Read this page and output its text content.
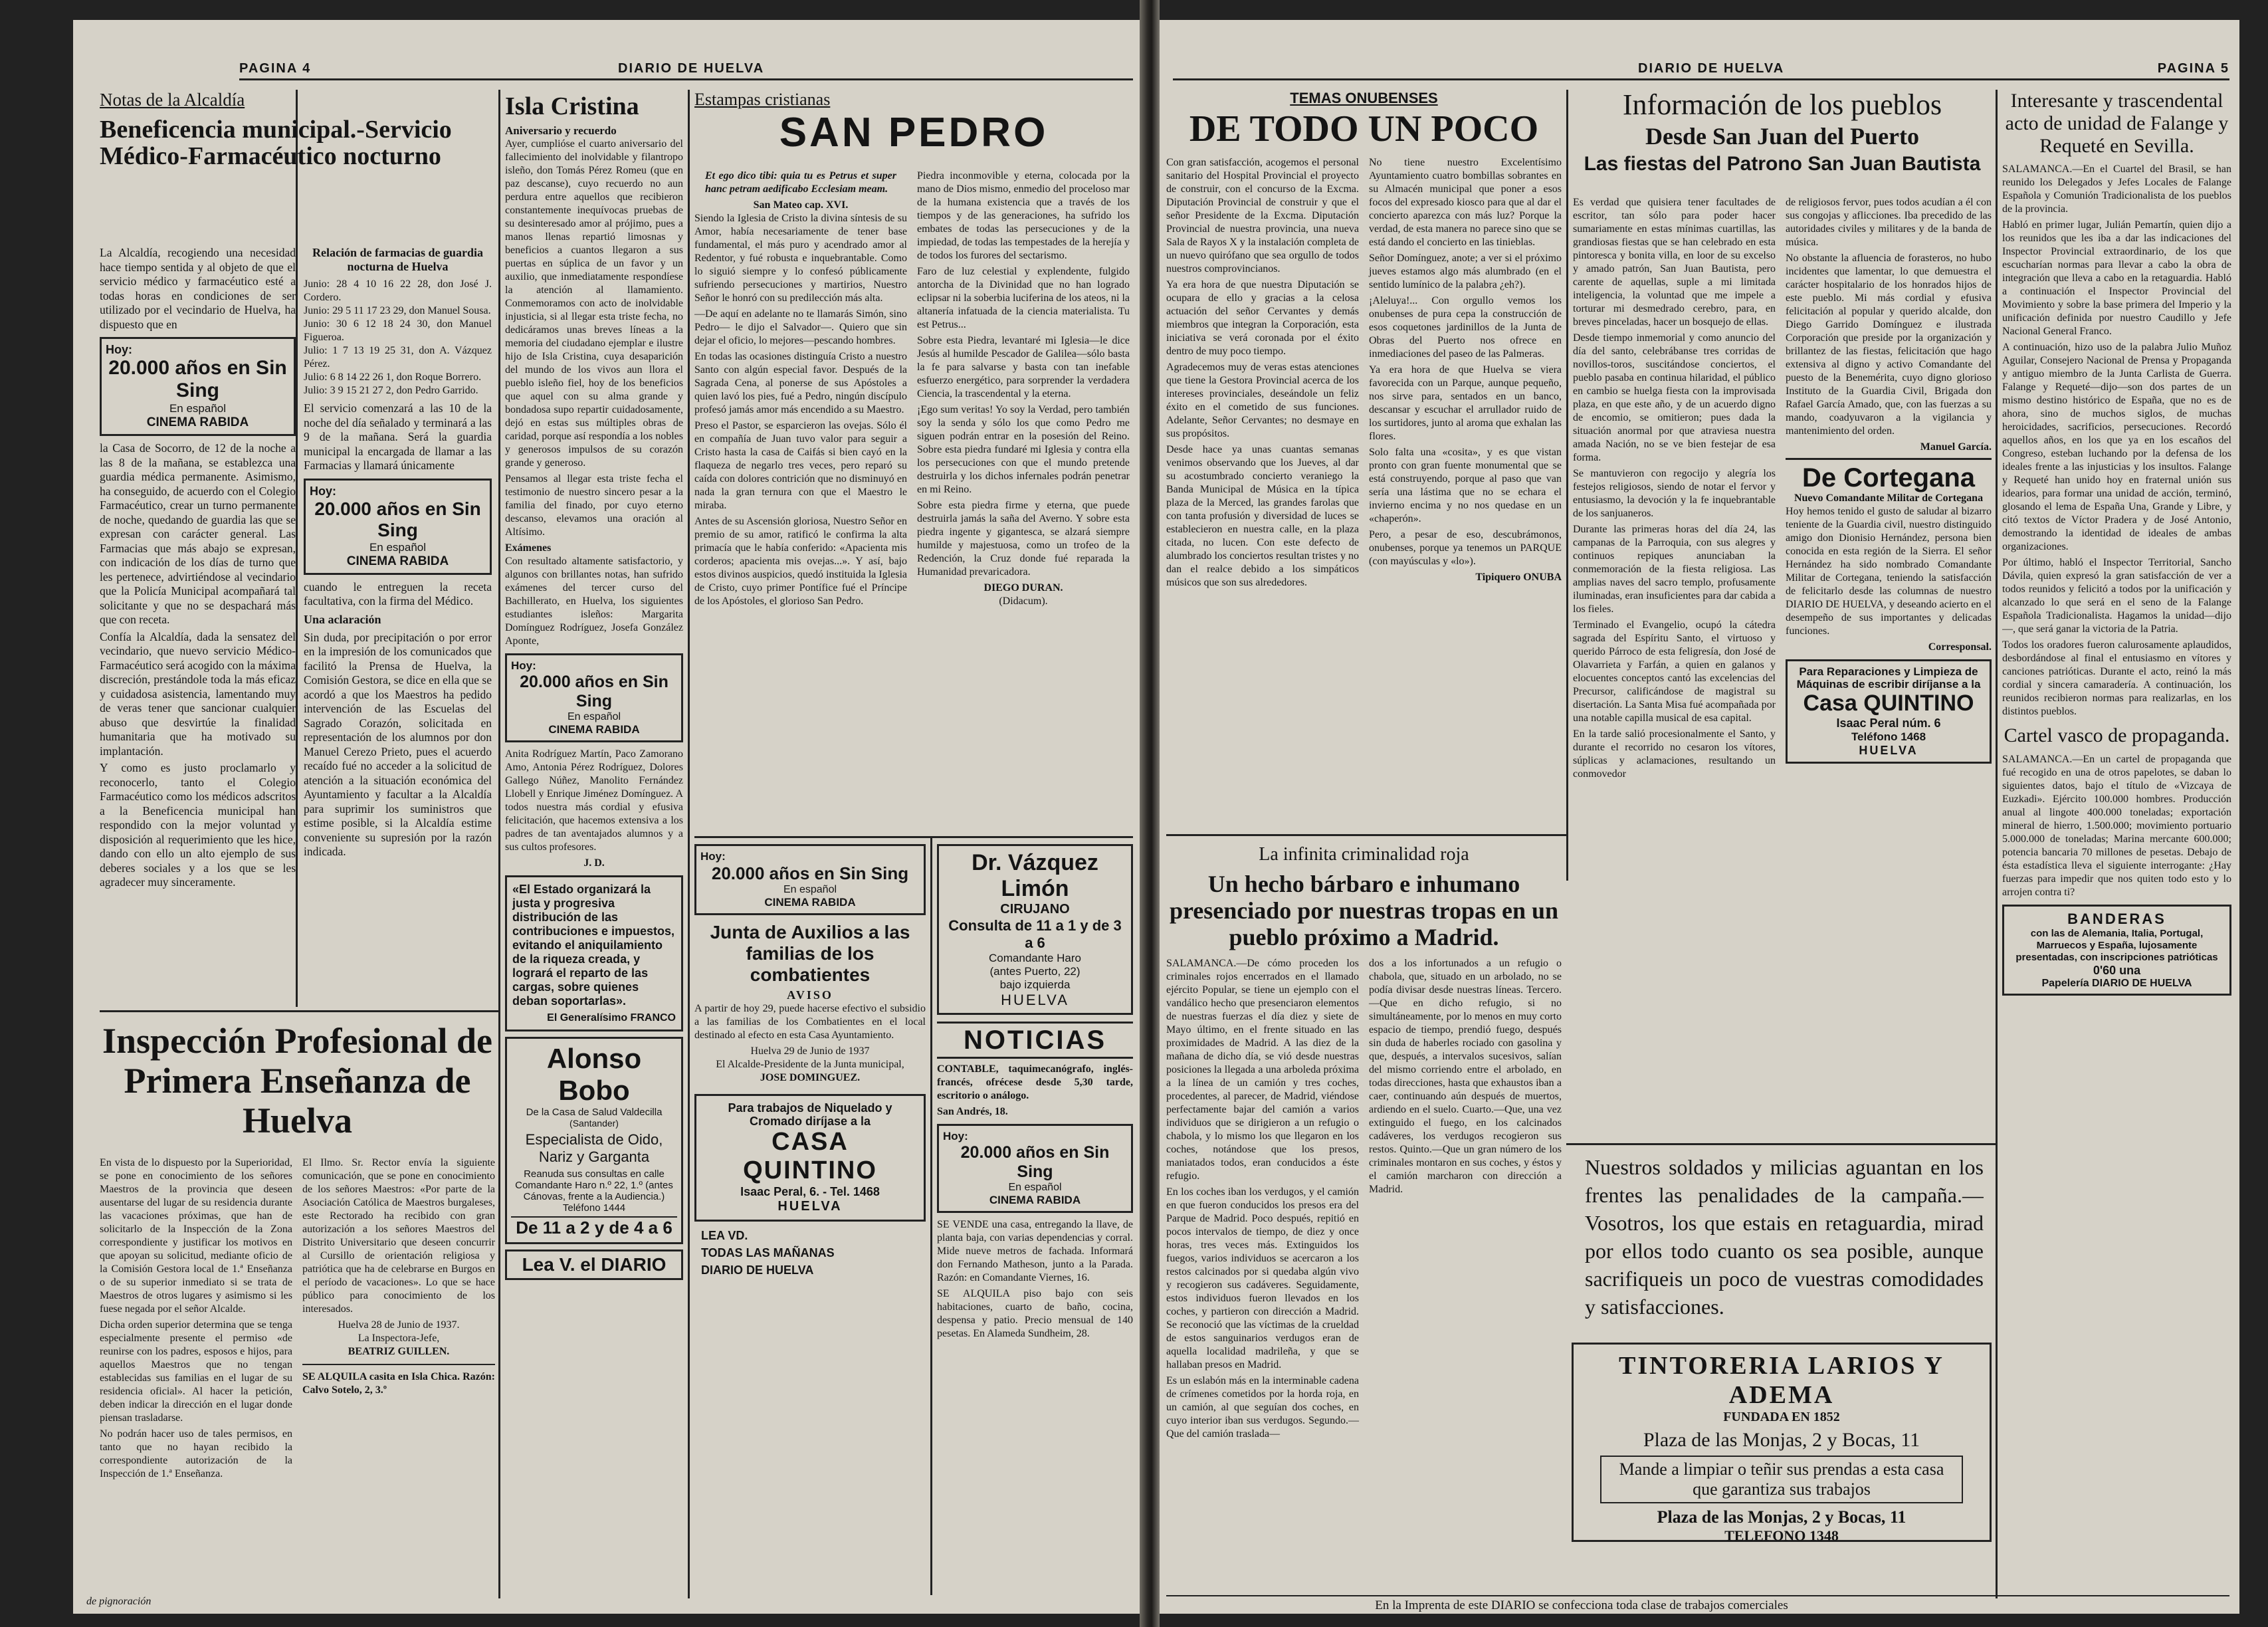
PAGINA 4	DIARIO DE HUELVA
Notas de la Alcaldía
Beneficencia municipal.-Servicio Médico-Farmacéutico nocturno

La Alcaldía, recogiendo una necesidad hace tiempo sentida y al objeto de que el servicio médico y farmacéutico esté a todas horas en condiciones de ser utilizado por el vecindario de Huelva, ha dispuesto que en

Hoy:
20.000 años en Sin Sing
En español
CINEMA RABIDA

la Casa de Socorro, de 12 de la noche a las 8 de la mañana, se establezca una guardia médica permanente. Asimismo, ha conseguido, de acuerdo con el Colegio Farmacéutico, crear un turno permanente de noche, quedando de guardia las que se expresan con carácter general. Las Farmacias que más abajo se expresan, con indicación de los días de turno que les pertenece, advirtiéndose al vecindario que la Policía Municipal acompañará tal solicitante y que no se despachará más que con receta.

Confía la Alcaldía, dada la sensatez del vecindario, que nuevo servicio Médico-Farmacéutico será acogido con la máxima discreción, prestándole toda la más eficaz y cuidadosa asistencia, lamentando muy de veras tener que sancionar cualquier abuso que desvirtúe la finalidad humanitaria que ha motivado su implantación.

Y como es justo proclamarlo y reconocerlo, tanto el Colegio Farmacéutico como los médicos adscritos a la Beneficencia municipal han respondido con la mejor voluntad y disposición al requerimiento que les hice, dando con ello un alto ejemplo de sus deberes sociales y a los que se les agradecer muy sinceramente.

Relación de farmacias de guardia nocturna de Huelva
Junio: 28 4 10 16 22 28, don José J. Cordero.
Junio: 29 5 11 17 23 29, don Manuel Sousa.
Junio: 30 6 12 18 24 30, don Manuel Figueroa.
Julio: 1 7 13 19 25 31, don A. Vázquez Pérez.
Julio: 6 8 14 22 26 1, don Roque Borrero.
Julio: 3 9 15 21 27 2, don Pedro Garrido.

El servicio comenzará a las 10 de la noche del día señalado y terminará a las 9 de la mañana. Será la guardia municipal la encargada de llamar a las Farmacias y llamará únicamente

Hoy:
20.000 años en Sin Sing
En español
CINEMA RABIDA

cuando le entreguen la receta facultativa, con la firma del Médico.

Una aclaración

Sin duda, por precipitación o por error en la impresión de los comunicados que facilitó la Prensa de Huelva, la Comisión Gestora, se dice en ella que se acordó a que los Maestros ha pedido intervención de las Escuelas del Sagrado Corazón, solicitada en representación de los alumnos por don Manuel Cerezo Prieto, pues el acuerdo recaído fué no acceder a la solicitud de atención a la situación económica del Ayuntamiento y facultar a la Alcaldía para suprimir los suministros que estime posible, si la Alcaldía estime conveniente su supresión por la razón indicada.

Inspección Profesional de Primera Enseñanza de Huelva

En vista de lo dispuesto por la Superioridad, se pone en conocimiento de los señores Maestros de la provincia que deseen ausentarse del lugar de su residencia durante las vacaciones próximas, que han de solicitarlo de la Inspección de la Zona correspondiente y justificar los motivos en que apoyan su solicitud, mediante oficio de la Comisión Gestora local de 1.ª Enseñanza o de su superior inmediato si se trata de Maestros de otros lugares y asimismo si les fuese negada por el señor Alcalde.

Dicha orden superior determina que se tenga especialmente presente el permiso «de reunirse con los padres, esposos e hijos, para aquellos Maestros que no tengan establecidas sus familias en el lugar de su residencia oficial». Al hacer la petición, deben indicar la dirección en el lugar donde piensan trasladarse.

No podrán hacer uso de tales permisos, en tanto que no hayan recibido la correspondiente autorización de la Inspección de 1.ª Enseñanza.

El Ilmo. Sr. Rector envía la siguiente comunicación, que se pone en conocimiento de los señores Maestros: «Por parte de la Asociación Católica de Maestros burgaleses, este Rectorado ha recibido con gran autorización a los señores Maestros del Distrito Universitario que deseen concurrir al Cursillo de orientación religiosa y patriótica que ha de celebrarse en Burgos en el período de vacaciones». Lo que se hace público para conocimiento de los interesados.

Huelva 28 de Junio de 1937.
La Inspectora-Jefe,
BEATRIZ GUILLEN.
SE ALQUILA casita en Isla Chica. Razón: Calvo Sotelo, 2, 3.º
Isla Cristina
Aniversario y recuerdo

Ayer, cumplióse el cuarto aniversario del fallecimiento del inolvidable y filantropo isleño, don Tomás Pérez Romeu (que en paz descanse), cuyo recuerdo no aun perdura entre aquellos que recibieron constantemente inequívocas pruebas de su desinteresado amor al prójimo, pues a manos llenas repartió limosnas y beneficios a cuantos llegaron a sus puertas en súplica de un favor y un auxilio, que inmediatamente respondíese la atención al llamamiento. Conmemoramos con acto de inolvidable injusticia, si al llegar esta triste fecha, no dedicáramos unas breves líneas a la memoria del ciudadano ejemplar e ilustre hijo de Isla Cristina, cuya desaparición del mundo de los vivos aun llora el pueblo isleño fiel, hoy de los beneficios que aquel con su alma grande y bondadosa supo repartir cuidadosamente, dejó en estas sus múltiples obras de caridad, porque así respondía a los nobles y generosos impulsos de su corazón grande y generoso.

Pensamos al llegar esta triste fecha el testimonio de nuestro sincero pesar a la familia del finado, por cuyo eterno descanso, elevamos una oración al Altísimo.

Exámenes

Con resultado altamente satisfactorio, y algunos con brillantes notas, han sufrido exámenes del tercer curso del Bachillerato, en Huelva, los siguientes estudiantes isleños: Margarita Domínguez Rodríguez, Josefa González Aponte,

Hoy:
20.000 años en Sin Sing
En español
CINEMA RABIDA

Anita Rodríguez Martín, Paco Zamorano Amo, Antonia Pérez Rodríguez, Dolores Gallego Núñez, Manolito Fernández Llobell y Enrique Jiménez Domínguez. A todos nuestra más cordial y efusiva felicitación, que hacemos extensiva a los padres de tan aventajados alumnos y a sus cultos profesores.

J. D.
«El Estado organizará la justa y progresiva distribución de las contribuciones e impuestos, evitando el aniquilamiento de la riqueza creada, y logrará el reparto de las cargas, sobre quienes deban soportarlas».
El Generalísimo FRANCO
Alonso Bobo
De la Casa de Salud Valdecilla
(Santander)
Especialista de Oido, Nariz y Garganta
Reanuda sus consultas en calle Comandante Haro n.º 22, 1.º (antes Cánovas, frente a la Audiencia.) Teléfono 1444
De 11 a 2 y de 4 a 6
Lea V. el DIARIO
Estampas cristianas
SAN PEDRO

Et ego dico tibi: quia tu es Petrus et super hanc petram aedificabo Ecclesiam meam.

San Mateo cap. XVI.

Siendo la Iglesia de Cristo la divina síntesis de su Amor, había necesariamente de tener base fundamental, el más puro y acendrado amor al Redentor, y fué robusta e inquebrantable. Como lo siguió siempre y lo confesó públicamente sufriendo persecuciones y martirios, Nuestro Señor le honró con su predilección más alta.

—De aquí en adelante no te llamarás Simón, sino Pedro— le dijo el Salvador—. Quiero que sin dejar el oficio, lo mejores—pescando hombres.

En todas las ocasiones distinguía Cristo a nuestro Santo con algún especial favor. Después de la Sagrada Cena, al ponerse de sus Apóstoles a quien lavó los pies, fué a Pedro, ningún discípulo profesó jamás amor más encendido a su Maestro.

Preso el Pastor, se esparcieron las ovejas. Sólo él en compañía de Juan tuvo valor para seguir a Cristo hasta la casa de Caifás si bien cayó en la flaqueza de negarlo tres veces, pero reparó su caída con dolores contrición que no disminuyó en nada la gran ternura con que el Maestro le miraba.

Antes de su Ascensión gloriosa, Nuestro Señor en premio de su amor, ratificó le confirma la alta primacía que le había conferido: «Apacienta mis corderos; apacienta mis ovejas...». Y así, bajo estos divinos auspicios, quedó instituida la Iglesia de Cristo, cuyo primer Pontífice fué el Príncipe de los Apóstoles, el glorioso San Pedro.

Piedra inconmovible y eterna, colocada por la mano de Dios mismo, enmedio del proceloso mar de la humana existencia que a través de los tiempos y de las generaciones, ha sufrido los embates de todas las persecuciones y de la impiedad, de todas las tempestades de la herejía y de todos los furores del sectarismo.

Faro de luz celestial y explendente, fulgido antorcha de la Divinidad que no han logrado eclipsar ni la soberbia luciferina de los ateos, ni la altanería infatuada de la ciencia materialista. Tu est Petrus...

Sobre esta Piedra, levantaré mi Iglesia—le dice Jesús al humilde Pescador de Galilea—sólo basta la fe para salvarse y basta con tan inefable esfuerzo energético, para sorprender la verdadera Ciencia, la trascendental y la eterna.

¡Ego sum veritas! Yo soy la Verdad, pero también soy la senda y sólo los que como Pedro me siguen podrán entrar en la posesión del Reino. Sobre esta piedra fundaré mi Iglesia y contra ella los persecuciones con que el mundo pretende destruirla y los dichos infernales podrán penetrar en mi Reino.

Sobre esta piedra firme y eterna, que puede destruirla jamás la saña del Averno. Y sobre esta piedra ingente y gigantesca, se alzará siempre humilde y majestuosa, como un trofeo de la Redención, la Cruz donde fué reparada la Humanidad prevaricadora.

DIEGO DURAN.
(Didacum).
Hoy:
20.000 años en Sin Sing
En español
CINEMA RABIDA
Junta de Auxilios a las familias de los combatientes
AVISO

A partir de hoy 29, puede hacerse efectivo el subsidio a las familias de los Combatientes en el local destinado al efecto en esta Casa Ayuntamiento.

Huelva 29 de Junio de 1937
El Alcalde-Presidente de la Junta municipal,
JOSE DOMINGUEZ.
Para trabajos de Niquelado y Cromado diríjase a la
CASA QUINTINO
Isaac Peral, 6. - Tel. 1468
HUELVA
LEA VD.
TODAS LAS MAÑANAS
DIARIO DE HUELVA
Dr. Vázquez Limón
CIRUJANO
Consulta de 11 a 1 y de 3 a 6
Comandante Haro
(antes Puerto, 22)
bajo izquierda
HUELVA
NOTICIAS

CONTABLE, taquimecanógrafo, inglés-francés, ofrécese desde 5,30 tarde, escritorio o análogo.

San Andrés, 18.
Hoy:
20.000 años en Sin Sing
En español
CINEMA RABIDA

SE VENDE una casa, entregando la llave, de planta baja, con varias dependencias y corral. Mide nueve metros de fachada. Informará don Fernando Matheson, junto a la Parada. Razón: en Comandante Viernes, 16.

SE ALQUILA piso bajo con seis habitaciones, cuarto de baño, cocina, despensa y patio. Precio mensual de 140 pesetas. En Alameda Sundheim, 28.

de pignoración
DIARIO DE HUELVA	PAGINA 5
TEMAS ONUBENSES
DE TODO UN POCO

Con gran satisfacción, acogemos el personal sanitario del Hospital Provincial el proyecto de construir, con el concurso de la Excma. Diputación Provincial de construir y que el señor Presidente de la Excma. Diputación Provincial de nuestra provincia, una nueva Sala de Rayos X y la instalación completa de un nuevo quirófano que sea orgullo de todos nuestros comprovincianos.

Ya era hora de que nuestra Diputación se ocupara de ello y gracias a la celosa actuación del señor Cervantes y demás miembros que integran la Corporación, esta iniciativa se verá coronada por el éxito dentro de muy poco tiempo.

Agradecemos muy de veras estas atenciones que tiene la Gestora Provincial acerca de los intereses provinciales, deseándole un feliz éxito en el cometido de sus funciones. Adelante, Señor Cervantes; no desmaye en sus propósitos.

Desde hace ya unas cuantas semanas venimos observando que los Jueves, al dar su acostumbrado concierto veraniego la Banda Municipal de Música en la típica plaza de la Merced, las grandes farolas que con tanta profusión y diversidad de luces se establecieron en nuestra calle, en la plaza citada, no lucen. Con este defecto de alumbrado los conciertos resultan tristes y no dan el realce debido a los simpáticos músicos que son sus alrededores.

No tiene nuestro Excelentísimo Ayuntamiento cuatro bombillas sobrantes en su Almacén municipal que poner a esos focos del expresado kiosco para que al dar el concierto aparezca con más luz? Porque la verdad, de esta manera no parece sino que se está dando el concierto en las tinieblas.

Señor Domínguez, anote; a ver si el próximo jueves estamos algo más alumbrado (en el sentido lumínico de la palabra ¿eh?).

¡Aleluya!... Con orgullo vemos los onubenses de pura cepa la construcción de esos coquetones jardinillos de la Junta de Obras del Puerto nos ofrece en inmediaciones del paseo de las Palmeras.

Ya era hora de que Huelva se viera favorecida con un Parque, aunque pequeño, nos sirve para, sentados en un banco, descansar y escuchar el arrullador ruido de los surtidores, junto al aroma que exhalan las flores.

Solo falta una «cosita», y es que vistan pronto con gran fuente monumental que se está construyendo, porque al paso que van sería una lástima que no se echara el invierno encima y no nos quedase en un «chaperón».

Pero, a pesar de eso, descubrámonos, onubenses, porque ya tenemos un PARQUE (con mayúsculas y «lo»).

Tipiquero ONUBA
La infinita criminalidad roja
Un hecho bárbaro e inhumano presenciado por nuestras tropas en un pueblo próximo a Madrid.

SALAMANCA.—De cómo proceden los criminales rojos encerrados en el llamado ejército Popular, se tiene un ejemplo con el vandálico hecho que presenciaron elementos de nuestras fuerzas el día diez y siete de Mayo último, en el frente situado en las proximidades de Madrid. A las diez de la mañana de dicho día, se vió desde nuestras posiciones la llegada a una arboleda próxima a la línea de un camión y tres coches, procedentes, al parecer, de Madrid, viéndose perfectamente bajar del camión a varios individuos que se dirigieron a un refugio o chabola, y lo mismo los que llegaron en los coches, notándose que los presos, maniatados todos, eran conducidos a éste refugio.

En los coches iban los verdugos, y el camión en que fueron conducidos los presos era del Parque de Madrid. Poco después, repitió en pocos intervalos de tiempo, de diez y once horas, tres veces más. Extinguidos los fuegos, varios individuos se acercaron a los restos calcinados por si quedaba algún vivo y recogieron sus cadáveres. Seguidamente, estos individuos fueron llevados en los coches, y partieron con dirección a Madrid. Se reconoció que las víctimas de la crueldad de estos sanguinarios verdugos eran de aquella localidad madrileña, y que se hallaban presos en Madrid.

Es un eslabón más en la interminable cadena de crímenes cometidos por la horda roja, en un camión, al que seguían dos coches, en cuyo interior iban sus verdugos. Segundo.—Que del camión traslada—

dos a los infortunados a un refugio o chabola, que, situado en un arbolado, no se podía divisar desde nuestras líneas. Tercero.—Que en dicho refugio, si no simultáneamente, por lo menos en muy corto espacio de tiempo, prendió fuego, después sin duda de haberles rociado con gasolina y que, después, a intervalos sucesivos, salían del mismo corriendo entre el arbolado, en todas direcciones, hasta que exhaustos iban a caer, continuando aún después de muertos, ardiendo en el suelo. Cuarto.—Que, una vez extinguido el fuego, en los calcinados cadáveres, los verdugos recogieron sus restos. Quinto.—Que un gran número de los criminales montaron en sus coches, y éstos y el camión marcharon con dirección a Madrid.

Información de los pueblos
Desde San Juan del Puerto
Las fiestas del Patrono San Juan Bautista

Es verdad que quisiera tener facultades de escritor, tan sólo para poder hacer sumariamente en estas mínimas cuartillas, las grandiosas fiestas que se han celebrado en esta pintoresca y bonita villa, en loor de su excelso y amado patrón, San Juan Bautista, pero carente de aquellas, suple a mi limitada inteligencia, la voluntad que me impele a torturar mi desmedrado cerebro, para, en breves pinceladas, hacer un bosquejo de ellas.

Desde tiempo inmemorial y como anuncio del día del santo, celebrábanse tres corridas de novillos-toros, suscitándose conciertos, el pueblo pasaba en continua hilaridad, el público en cambio se huelga fiesta con la improvisada plaza, en que este año, y de un acuerdo digno de encomio, se omitieron; pues dada la situación anormal por que atraviesa nuestra amada Nación, no se ve bien festejar de esa forma.

Se mantuvieron con regocijo y alegría los festejos religiosos, siendo de notar el fervor y entusiasmo, la devoción y la fe inquebrantable de los sanjuaneros.

Durante las primeras horas del día 24, las campanas de la Parroquia, con sus alegres y continuos repiques anunciaban la conmemoración de la fiesta religiosa. Las amplias naves del sacro templo, profusamente iluminadas, eran insuficientes para dar cabida a los fieles.

Terminado el Evangelio, ocupó la cátedra sagrada del Espíritu Santo, el virtuoso y querido Párroco de esta feligresía, don José de Olavarrieta y Farfán, a quien en galanos y elocuentes conceptos cantó las excelencias del Precursor, calificándose de magistral su disertación. La Santa Misa fué acompañada por una notable capilla musical de esa capital.

En la tarde salió procesionalmente el Santo, y durante el recorrido no cesaron los vítores, súplicas y aclamaciones, resultando un conmovedor

de religiosos fervor, pues todos acudían a él con sus congojas y aflicciones. Iba precedido de las autoridades civiles y militares y de la banda de música.

No obstante la afluencia de forasteros, no hubo incidentes que lamentar, lo que demuestra el carácter hospitalario de los honrados hijos de este pueblo. Mi más cordial y efusiva felicitación al popular y querido alcalde, don Diego Garrido Domínguez e ilustrada Corporación que preside por la organización y brillantez de las fiestas, felicitación que hago extensiva al digno y activo Comandante del puesto de la Benemérita, cuyo digno glorioso Instituto de la Guardia Civil, Brigada don Rafael García Amado, que, con las fuerzas a su mando, coadyuvaron a la vigilancia y mantenimiento del orden.

Manuel García.
De Cortegana
Nuevo Comandante Militar de Cortegana

Hoy hemos tenido el gusto de saludar al bizarro teniente de la Guardia civil, nuestro distinguido amigo don Dionisio Hernández, persona bien conocida en esta región de la Sierra. El señor Hernández ha sido nombrado Comandante Militar de Cortegana, teniendo la satisfacción de felicitarlo desde las columnas de nuestro DIARIO DE HUELVA, y deseando acierto en el desempeño de sus importantes y delicadas funciones.

Corresponsal.
Para Reparaciones y Limpieza de Máquinas de escribir diríjanse a la
Casa QUINTINO
Isaac Peral núm. 6
Teléfono 1468
HUELVA
Nuestros soldados y milicias aguantan en los frentes las penalidades de la campaña.—Vosotros, los que estais en retaguardia, mirad por ellos todo cuanto os sea posible, aunque sacrifiqueis un poco de vuestras comodidades y satisfacciones.
TINTORERIA LARIOS Y ADEMA
FUNDADA EN 1852
Plaza de las Monjas, 2 y Bocas, 11
Mande a limpiar o teñir sus prendas a esta casa
que garantiza sus trabajos
Plaza de las Monjas, 2 y Bocas, 11
TELEFONO 1348
En la Imprenta de este DIARIO se confecciona toda clase de trabajos comerciales
Interesante y trascendental acto de unidad de Falange y Requeté en Sevilla.

SALAMANCA.—En el Cuartel del Brasil, se han reunido los Delegados y Jefes Locales de Falange Española y Comunión Tradicionalista de los pueblos de la provincia.

Habló en primer lugar, Julián Pemartín, quien dijo a los reunidos que les iba a dar las indicaciones del Inspector Provincial extraordinario, de los que escucharían normas para llevar a cabo la obra de integración que lleva a cabo en la retaguardia. Habló a continuación el Inspector Provincial del Movimiento y sobre la base primera del Imperio y la unificación definida por nuestro Caudillo y Jefe Nacional General Franco.

A continuación, hizo uso de la palabra Julio Muñoz Aguilar, Consejero Nacional de Prensa y Propaganda y antiguo miembro de la Junta Carlista de Guerra. Falange y Requeté—dijo—son dos partes de un mismo destino histórico de España, que no es de ahora, sino de muchos siglos, de muchas heroicidades, sacrificios, persecuciones. Recordó aquellos años, en los que ya en los escaños del Congreso, esteban luchando por la defensa de los ideales frente a las injusticias y los insultos. Falange y Requeté han unido hoy en fraternal unión sus idearios, para formar una unidad de acción, terminó, glosando el lema de España Una, Grande y Libre, y citó textos de Víctor Pradera y de José Antonio, demostrando la identidad de ideales de ambas organizaciones.

Por último, habló el Inspector Territorial, Sancho Dávila, quien expresó la gran satisfacción de ver a todos reunidos y felicitó a todos por la unificación y alcanzado lo que será en el seno de la Falange Española Tradicionalista. Hagamos la unidad—dijo—, que será ganar la victoria de la Patria.

Todos los oradores fueron calurosamente aplaudidos, desbordándose al final el entusiasmo en vítores y canciones patrióticas. Durante el acto, reinó la más cordial y sincera camaradería. A continuación, los reunidos recibieron normas para realizarlas, en los distintos pueblos.

Cartel vasco de propaganda.

SALAMANCA.—En un cartel de propaganda que fué recogido en una de otros papelotes, se daban lo siguientes datos, bajo el título de «Vizcaya de Euzkadi». Ejército 100.000 hombres. Producción anual al lingote 400.000 toneladas; exportación mineral de hierro, 1.500.000; movimiento portuario 5.000.000 de toneladas; Marina mercante 600.000; potencia bancaria 70 millones de pesetas. Debajo de ésta estadística lleva el siguiente interrogante: ¿Hay fuerzas para impedir que nos quiten todo esto y lo arrojen contra ti?

BANDERAS
con las de Alemania, Italia, Portugal, Marruecos y España, lujosamente presentadas, con inscripciones patrióticas
0'60 una
Papelería DIARIO DE HUELVA
